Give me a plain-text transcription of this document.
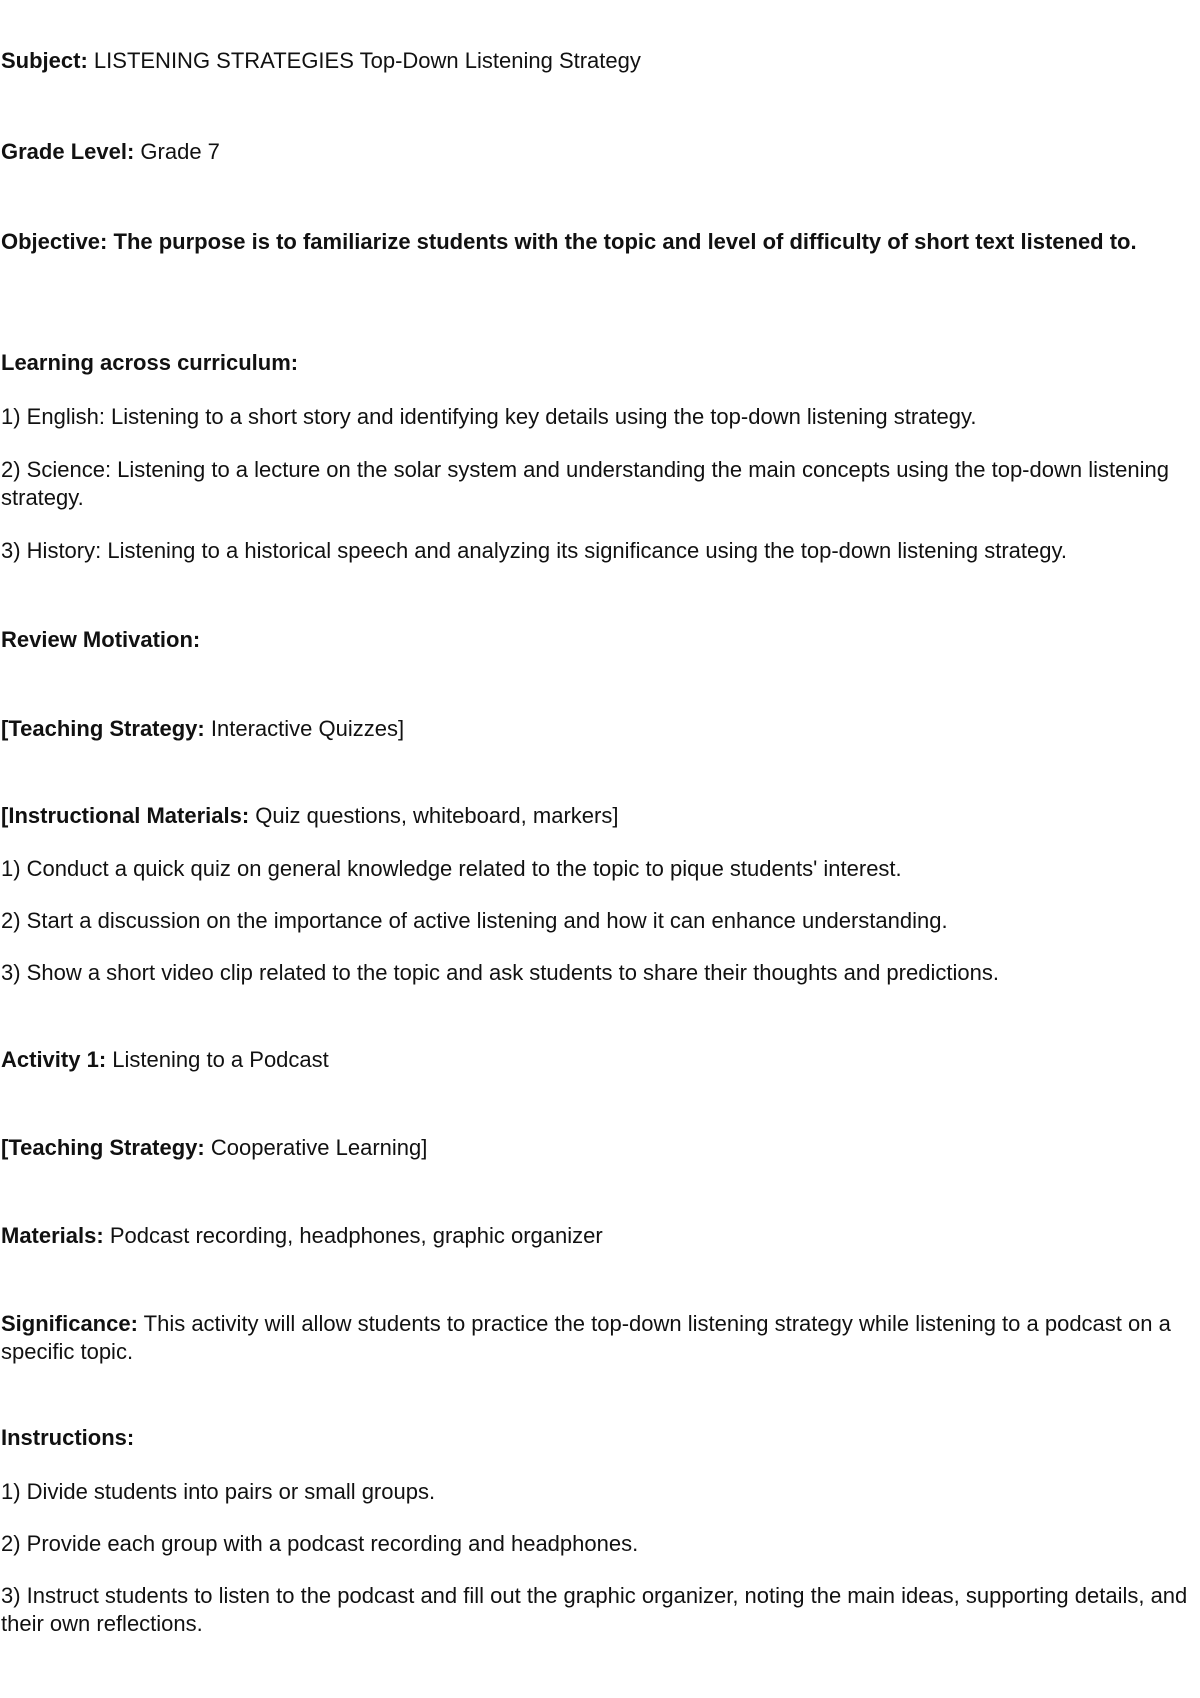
Subject: LISTENING STRATEGIES Top-Down Listening Strategy

Grade Level: Grade 7

Objective: The purpose is to familiarize students with the topic and level of difficulty of short text listened to.

Learning across curriculum:

1) English: Listening to a short story and identifying key details using the top-down listening strategy.

2) Science: Listening to a lecture on the solar system and understanding the main concepts using the top-down listening strategy.

3) History: Listening to a historical speech and analyzing its significance using the top-down listening strategy.

Review Motivation:

[Teaching Strategy: Interactive Quizzes]

[Instructional Materials: Quiz questions, whiteboard, markers]

1) Conduct a quick quiz on general knowledge related to the topic to pique students' interest.

2) Start a discussion on the importance of active listening and how it can enhance understanding.

3) Show a short video clip related to the topic and ask students to share their thoughts and predictions.

Activity 1: Listening to a Podcast

[Teaching Strategy: Cooperative Learning]

Materials: Podcast recording, headphones, graphic organizer

Significance: This activity will allow students to practice the top-down listening strategy while listening to a podcast on a specific topic.

Instructions:

1) Divide students into pairs or small groups.

2) Provide each group with a podcast recording and headphones.

3) Instruct students to listen to the podcast and fill out the graphic organizer, noting the main ideas, supporting details, and their own reflections.
